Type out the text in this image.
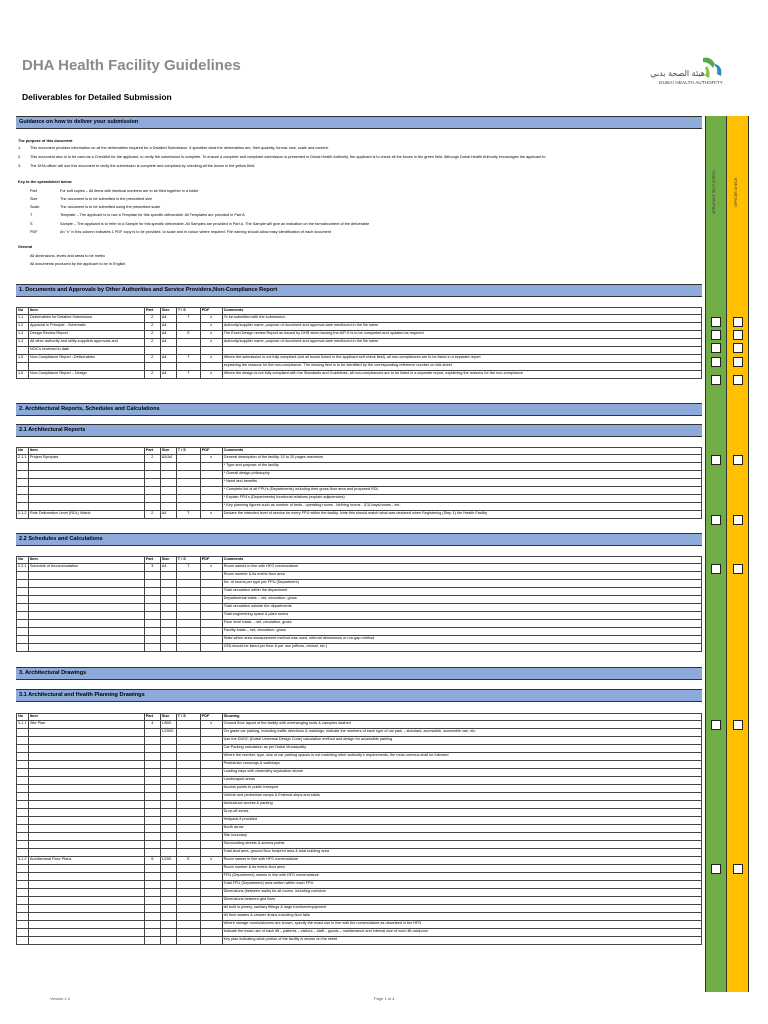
DHA Health Facility Guidelines
Deliverables for Detailed Submission
هيئة الصحة بدبي
DUBAI HEALTH AUTHORITY
APPLICANT SELF CHECK	OFFICER CHECK
Guidance on how to deliver your submission
The purpose of this document
1. This document provides information on all the deliverables required for a Detailed Submission. It specifies what the deliverables are, their quantity, format, size, scale and content.
2. This document also is to be used as a Checklist for the applicant, to verify the submission is complete. To ensure a complete and compliant submission is presented to Dubai Health Authority, the applicant is to check all the boxes in the green field. Although Dubai Health Authority encourages the applicant to
3. The DHA officer will use this document to verify the submission is complete and compliant by checking all the boxes in the yellow field.
Key to the spreadsheet below
Part	For soft copies – All items with identical numbers are to be filed together in a folder
Size	The document is to be submitted in the prescribed size
Scale	The document is to be submitted using the prescribed scale
T	Template – The applicant is to use a Template for this specific deliverable. All Templates are provided in Part A
S	Sample – The applicant is to refer to a Sample for this specific deliverable. All Samples are provided in Part A. The Sample will give an indication on the format/content of the deliverable
PDF	An "x" in this column indicates 1 PDF copy is to be provided, to scale and in colour where required. File naming should allow easy identification of each document
General
All dimensions, levels and areas to be metric
All documents produced by the applicant to be in English
1. Documents and Approvals by Other Authorities and Service Providers,Non-Compliance Report
No	Item	Part	Size	T / S	PDF	Comments
1.1	Deliverables for Detailed Submission	2	A4	T	x	To be submitted with the submission.
1.2	Approval in Principle - Schematic	2	A4		x	Authority/supplier name, purpose of document and approval date mentioned in the file name
1.3	Design Review Report	2	A4	S	x	The Excel Design review Report as issued by DHR when issuing the AIP-S is to be completed and updated as required
1.4	All other authority and utility suppliers approvals and	2	A4		x	Authority/supplier name, purpose of document and approval date mentioned in the file name
	NOC's received to date					
1.5	Non-Compliance Report –Deliverables	2	A4	T	x	Where the submission is not fully compliant (not all boxes ticked in the applicant self check field), all non-compliances are to be listed in a separate report
						explaining the reasons for the non-compliance. The missing item is to be identified by the corresponding reference number on this sheet
1.6	Non-Compliance Report – Design	2	A4	T	x	Where the design is not fully compliant with the Standards and Guidelines, all non-compliances are to be listed in a separate report, explaining the reasons for the non-compliance
2. Architectural Reports, Schedules and Calculations
2.1 Architectural Reports
No	Item	Part	Size	T / S	PDF	Comments
2.1.1	Project Synopsis	2	A3/A4		x	General description of the facility, 10 to 20 pages maximum
						* Type and purpose of the facility
						* Overall design philosophy
						* Need and benefits
						* Complete list of all FPU's (Departments) including their gross floor area and proposed RDL
						* Explain FPU's (Departments) functional relations (explain adjacencies)
						* Key planning figures such as number of beds - operating rooms - birthing rooms - ICU bays/rooms - etc.
2.1.2	Role Delineation Level (RDL) Matrix	2	A4	T	x	Declare the intended level of service for every FPU within the facility. Note this should match what was declared when Registering (Step 1) the Health Facility
2.2 Schedules and Calculations
No	Item	Part	Size	T / S	PDF	Comments
2.2.1	Schedule of Accommodation	3	A4	T	x	Room names in line with HFG nomenclature
						Room number & its metric floor area
						No. of rooms per type per FPU (Department)
						Total circulation within the department
						Departmental totals – net, circulation, gross
						Total circulation outside the departments
						Total engineering space & plant rooms
						Floor level totals – net, circulation, gross
						Facility totals – net, circulation, gross
						State which area measurement method was used, internal dimensions or run-gap method
						GFA should be listed per floor & per use (offices, clinical, etc.)
3. Architectural Drawings
3.1 Architectural and Health Planning Drawings
No	Item	Part	Size	T / S	PDF	Showing
3.1.1	Site Plan	4	1/500		x	Ground floor layout of the facility with overhanging roofs & canopies dashed
			1/1000			On grade car parking, including traffic directions & markings. Indicate the numbers of each type of car park – standard, accessible, accessible van, etc.
						Use the DUDC (Dubai Universal Design Code) calculation method and design for accessible parking
						Car Parking calculation as per Dubai Municipality
						Where the number, type, size of car parking spaces is not matching other authority's requirements, the most onerous shall be followed
						Pedestrian crossings & walkways
						Loading bays with clean/dirty separation shown
						Landscaped areas
						Access points to public transport
						Vehicle and pedestrian ramps & External steps and stairs
						Ambulance access & parking
						Drop-off zones
						Helipads if provided
						North arrow
						Site boundary
						Surrounding streets & access points
						Total land area, ground floor footprint area & total building area
3.1.2	Architectural Floor Plans	5	1/100	S	x	Room names in line with HFG nomenclature
						Room number & its metric floor area
						FPU (Department) names in line with HFG nomenclature
						Total FPU (Department) area written within each FPU
						Dimensions (between walls) for all rooms, including corridors
						Dimensions between grid lines
						All built in joinery, sanitary fittings & large furniture/equipment
						All floor wastes & shower drains including floor falls
						Where storage rooms/alcoves are shown, specify the exact use in line with the nomenclature as described in the HFG
						Indicate the exact use of each lift – patients – visitors – staff – goods – maintenance and internal size of each lift cabin/car
						Key plan indicating what portion of the facility is shown on the sheet
Version 1.0	Page 1 of 4
